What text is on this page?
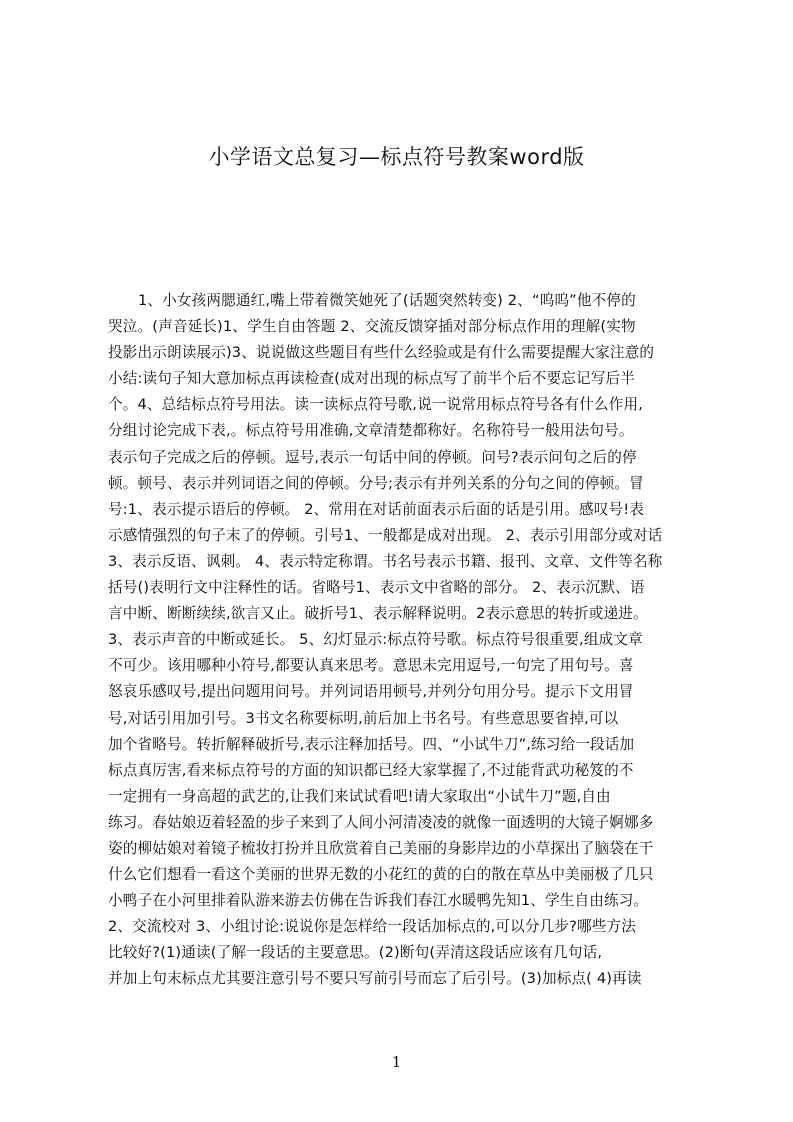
小学语文总复习—标点符号教案word版
1、小女孩两腮通红,嘴上带着微笑她死了(话题突然转变) 2、“呜呜”他不停的
哭泣。(声音延长)1、学生自由答题 2、交流反馈穿插对部分标点作用的理解(实物
投影出示朗读展示)3、说说做这些题目有些什么经验或是有什么需要提醒大家注意的
小结:读句子知大意加标点再读检查(成对出现的标点写了前半个后不要忘记写后半
个。4、总结标点符号用法。读一读标点符号歌,说一说常用标点符号各有什么作用,
分组讨论完成下表,。标点符号用准确,文章清楚都称好。名称符号一般用法句号。
表示句子完成之后的停顿。逗号,表示一句话中间的停顿。问号?表示问句之后的停
顿。顿号、表示并列词语之间的停顿。分号;表示有并列关系的分句之间的停顿。冒
号:1、表示提示语后的停顿。 2、常用在对话前面表示后面的话是引用。感叹号!表
示感情强烈的句子末了的停顿。引号1、一般都是成对出现。 2、表示引用部分或对话
3、表示反语、讽刺。 4、表示特定称谓。书名号表示书籍、报刊、文章、文件等名称
括号()表明行文中注释性的话。省略号1、表示文中省略的部分。 2、表示沉默、语
言中断、断断续续,欲言又止。破折号1、表示解释说明。2表示意思的转折或递进。
3、表示声音的中断或延长。 5、幻灯显示:标点符号歌。标点符号很重要,组成文章
不可少。该用哪种小符号,都要认真来思考。意思未完用逗号,一句完了用句号。喜
怒哀乐感叹号,提出问题用问号。并列词语用顿号,并列分句用分号。提示下文用冒
号,对话引用加引号。3书文名称要标明,前后加上书名号。有些意思要省掉,可以
加个省略号。转折解释破折号,表示注释加括号。四、“小试牛刀”,练习给一段话加
标点真厉害,看来标点符号的方面的知识都已经大家掌握了,不过能背武功秘笈的不
一定拥有一身高超的武艺的,让我们来试试看吧!请大家取出“小试牛刀”题,自由
练习。春姑娘迈着轻盈的步子来到了人间小河清凌凌的就像一面透明的大镜子婀娜多
姿的柳姑娘对着镜子梳妆打扮并且欣赏着自己美丽的身影岸边的小草探出了脑袋在干
什么它们想看一看这个美丽的世界无数的小花红的黄的白的散在草丛中美丽极了几只
小鸭子在小河里排着队游来游去仿佛在告诉我们春江水暖鸭先知1、学生自由练习。
2、交流校对 3、小组讨论:说说你是怎样给一段话加标点的,可以分几步?哪些方法
比较好?(1)通读(了解一段话的主要意思。(2)断句(弄清这段话应该有几句话,
并加上句末标点尤其要注意引号不要只写前引号而忘了后引号。(3)加标点( 4)再读
1
